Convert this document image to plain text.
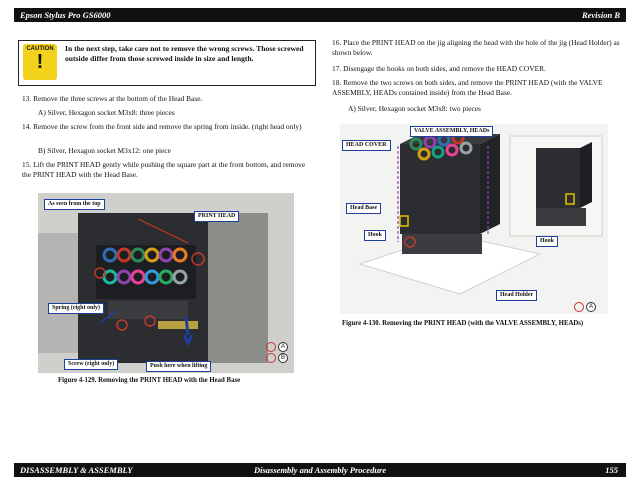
Epson Stylus Pro GS6000	Revision B
CAUTION
!
In the next step, take care not to remove the wrong screws. Those screwed outside differ from those screwed inside in size and length.
13. Remove the three screws at the bottom of the Head Base.
A) Silver, Hexagon socket M3x8: three pieces
14. Remove the screw from the front side and remove the spring from inside. (right head only)
B) Silver, Hexagon socket M3x12: one piece
15. Lift the PRINT HEAD gently while pushing the square part at the front bottom, and remove the PRINT HEAD with the Head Base.
As seen from the top
PRINT HEAD
Spring (right only)
Screw (right only)	Push here when lifting
A
B
Figure 4-129. Removing the PRINT HEAD with the Head Base
16. Place the PRINT HEAD on the jig aligning the head with the hole of the jig (Head Holder) as shown below.
17. Disengage the hooks on both sides, and remove the HEAD COVER.
18. Remove the two screws on both sides, and remove the PRINT HEAD (with the VALVE ASSEMBLY, HEADs contained inside) from the Head Base.
A) Silver, Hexagon socket M3x8: two pieces
VALVE ASSEMBLY, HEADs
HEAD COVER
Head Base
Hook
Hook
Head Holder
A
Figure 4-130. Removing the PRINT HEAD (with the VALVE ASSEMBLY, HEADs)
DISASSEMBLY & ASSEMBLY	Disassembly and Assembly Procedure	155
